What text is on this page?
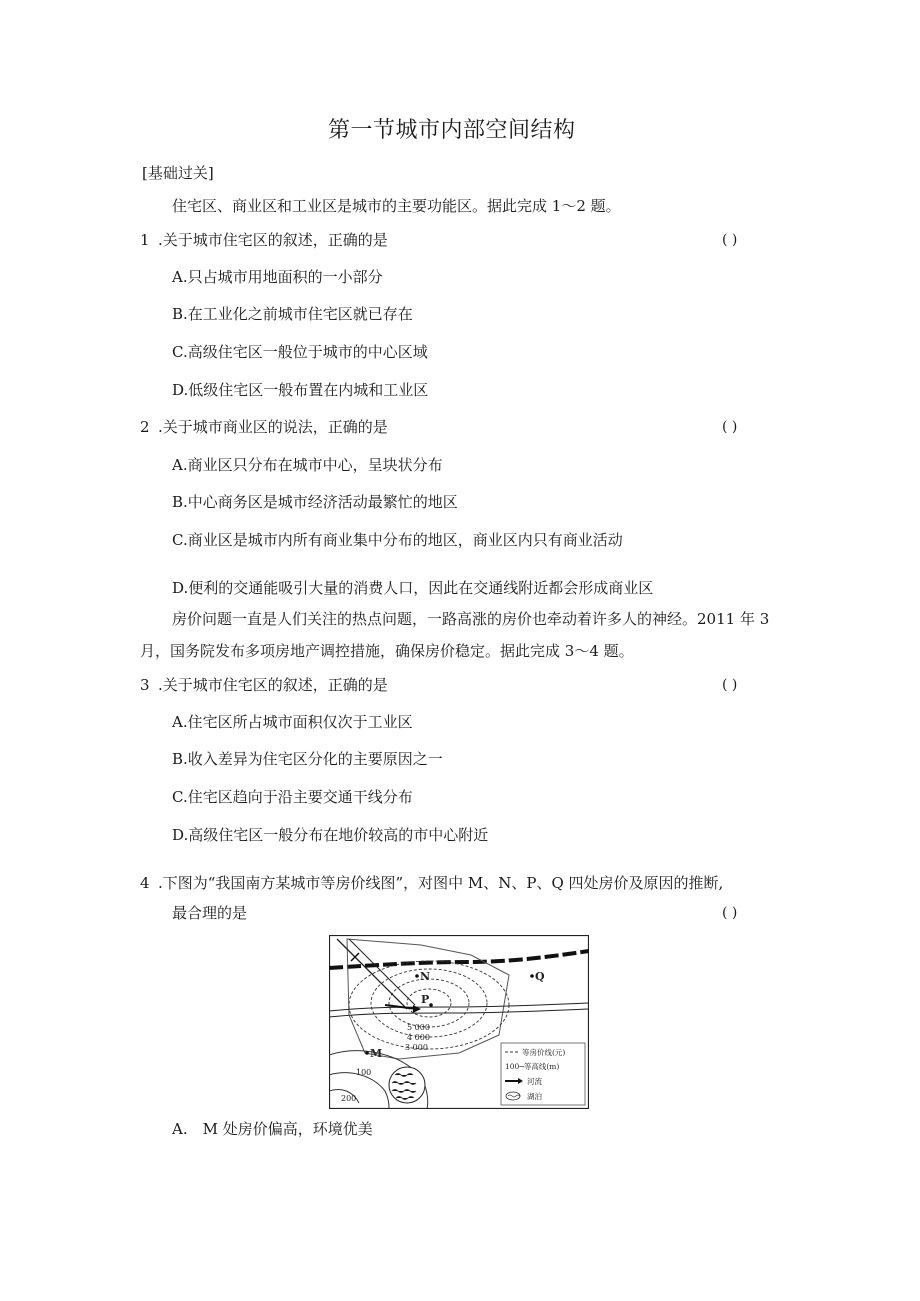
第一节城市内部空间结构
[基础过关]
住宅区、商业区和工业区是城市的主要功能区。据此完成 1～2 题。
1 .关于城市住宅区的叙述，正确的是	( )
A.只占城市用地面积的一小部分
B.在工业化之前城市住宅区就已存在
C.高级住宅区一般位于城市的中心区域
D.低级住宅区一般布置在内城和工业区
2 .关于城市商业区的说法，正确的是	( )
A.商业区只分布在城市中心，呈块状分布
B.中心商务区是城市经济活动最繁忙的地区
C.商业区是城市内所有商业集中分布的地区，商业区内只有商业活动
D.便利的交通能吸引大量的消费人口，因此在交通线附近都会形成商业区
房价问题一直是人们关注的热点问题，一路高涨的房价也牵动着许多人的神经。2011 年 3
月，国务院发布多项房地产调控措施，确保房价稳定。据此完成 3～4 题。
3 .关于城市住宅区的叙述，正确的是	( )
A.住宅区所占城市面积仅次于工业区
B.收入差异为住宅区分化的主要原因之一
C.住宅区趋向于沿主要交通干线分布
D.高级住宅区一般分布在地价较高的市中心附近
4 .下图为“我国南方某城市等房价线图”，对图中 M、N、P、Q 四处房价及原因的推断,
最合理的是	( )
N
P
Q
M
5 000
4 000
3 000
100
200
等房价线(元)
100─等高线(m)
河流
湖泊
A.　M 处房价偏高，环境优美
